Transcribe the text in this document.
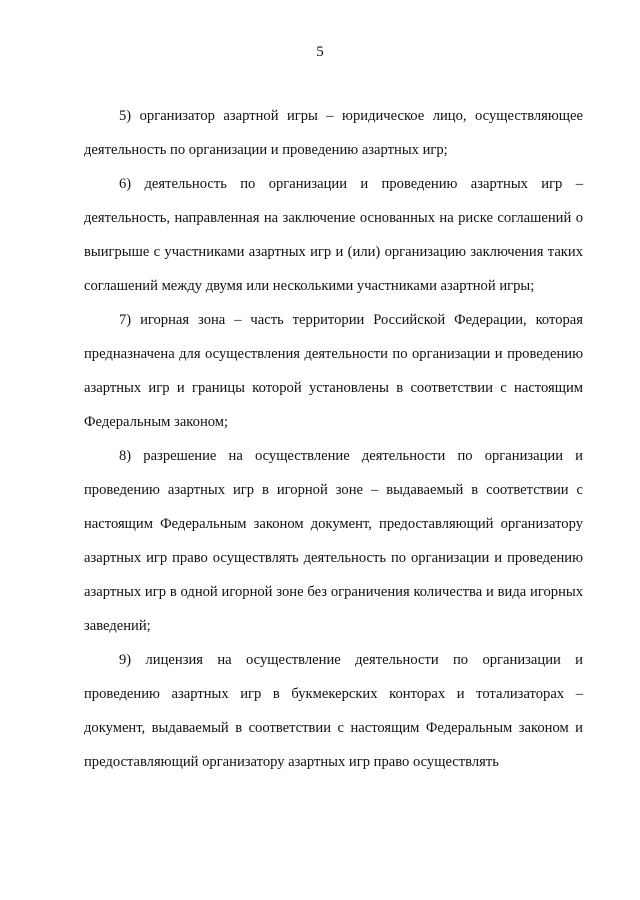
5

5) организатор азартной игры – юридическое лицо, осуществляющее деятельность по организации и проведению азартных игр;

6) деятельность по организации и проведению азартных игр – деятельность, направленная на заключение основанных на риске соглашений о выигрыше с участниками азартных игр и (или) организацию заключения таких соглашений между двумя или несколькими участниками азартной игры;

7) игорная зона – часть территории Российской Федерации, которая предназначена для осуществления деятельности по организации и проведению азартных игр и границы которой установлены в соответствии с настоящим Федеральным законом;

8) разрешение на осуществление деятельности по организации и проведению азартных игр в игорной зоне – выдаваемый в соответствии с настоящим Федеральным законом документ, предоставляющий организатору азартных игр право осуществлять деятельность по организации и проведению азартных игр в одной игорной зоне без ограничения количества и вида игорных заведений;

9) лицензия на осуществление деятельности по организации и проведению азартных игр в букмекерских конторах и тотализаторах – документ, выдаваемый в соответствии с настоящим Федеральным законом и предоставляющий организатору азартных игр право осуществлять
